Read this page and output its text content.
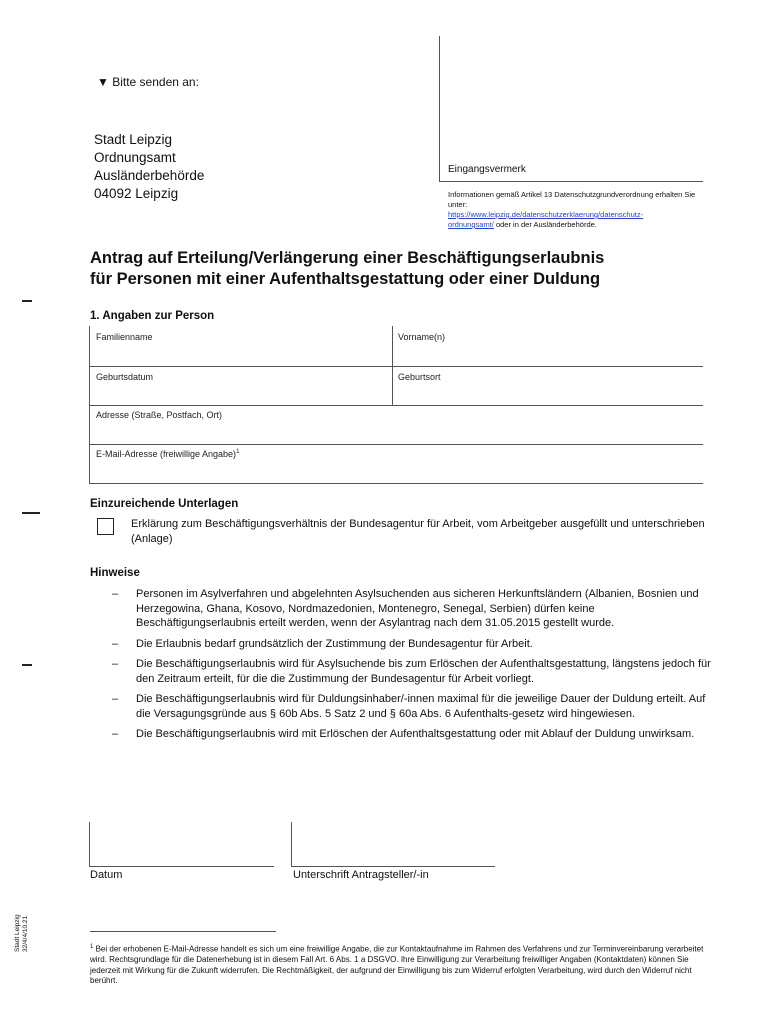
▼ Bitte senden an:
Stadt Leipzig
Ordnungsamt
Ausländerbehörde
04092 Leipzig
Eingangsvermerk
Informationen gemäß Artikel 13 Datenschutzgrundverordnung erhalten Sie unter:
https://www.leipzig.de/datenschutzerklaerung/datenschutz-
ordnungsamt/ oder in der Ausländerbehörde.
Antrag auf Erteilung/Verlängerung einer Beschäftigungserlaubnis
für Personen mit einer Aufenthaltsgestattung oder einer Duldung
1. Angaben zur Person
Familienname	Vorname(n)
Geburtsdatum	Geburtsort
Adresse (Straße, Postfach, Ort)
E-Mail-Adresse (freiwillige Angabe)$^1$
Einzureichende Unterlagen
Erklärung zum Beschäftigungsverhältnis der Bundesagentur für Arbeit, vom Arbeitgeber ausgefüllt und unterschrieben (Anlage)
Hinweise
–	Personen im Asylverfahren und abgelehnten Asylsuchenden aus sicheren Herkunftsländern (Albanien, Bosnien und Herzegowina, Ghana, Kosovo, Nordmazedonien, Montenegro, Senegal, Serbien) dürfen keine Beschäftigungserlaubnis erteilt werden, wenn der Asylantrag nach dem 31.05.2015 gestellt wurde.
–	Die Erlaubnis bedarf grundsätzlich der Zustimmung der Bundesagentur für Arbeit.
–	Die Beschäftigungserlaubnis wird für Asylsuchende bis zum Erlöschen der Aufenthaltsgestattung, längstens jedoch für den Zeitraum erteilt, für die die Zustimmung der Bundesagentur für Arbeit vorliegt.
–	Die Beschäftigungserlaubnis wird für Duldungsinhaber/-innen maximal für die jeweilige Dauer der Duldung erteilt. Auf die Versagungsgründe aus § 60b Abs. 5 Satz 2 und § 60a Abs. 6 Aufenthalts-gesetz wird hingewiesen.
–	Die Beschäftigungserlaubnis wird mit Erlöschen der Aufenthaltsgestattung oder mit Ablauf der Duldung unwirksam.
Datum	Unterschrift Antragsteller/-in
Stadt Leipzig 32/4/4/10.21	$^1$ Bei der erhobenen E-Mail-Adresse handelt es sich um eine freiwillige Angabe, die zur Kontaktaufnahme im Rahmen des Verfahrens und zur Terminvereinbarung verarbeitet wird. Rechtsgrundlage für die Datenerhebung ist in diesem Fall Art. 6 Abs. 1 a DSGVO. Ihre Einwilligung zur Verarbeitung freiwilliger Angaben (Kontaktdaten) können Sie jederzeit mit Wirkung für die Zukunft widerrufen. Die Rechtmäßigkeit, der aufgrund der Einwilligung bis zum Widerruf erfolgten Verarbeitung, wird durch den Widerruf nicht berührt.
